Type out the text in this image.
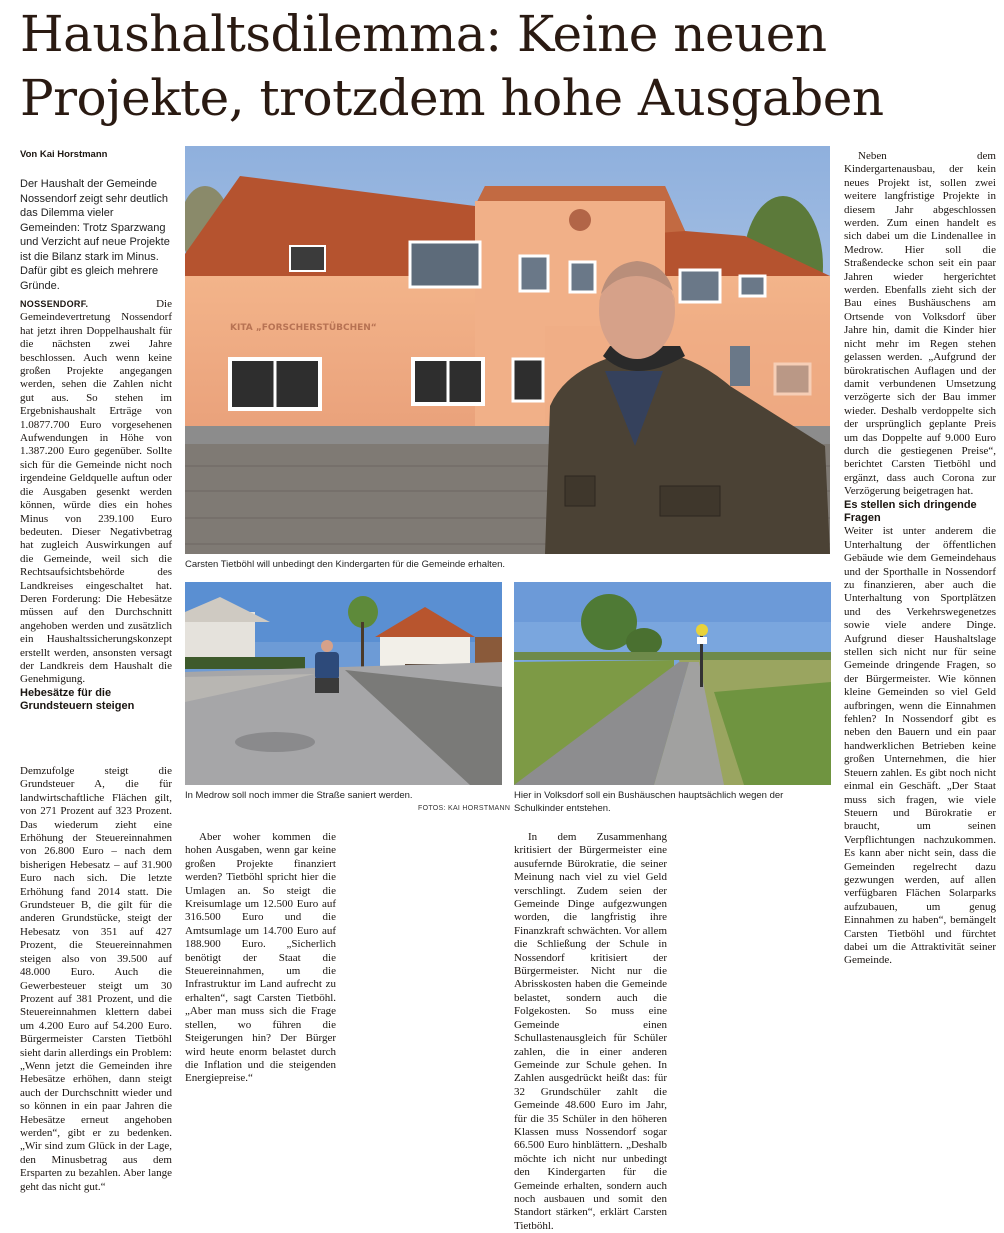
Haushaltsdilemma: Keine neuen Projekte, trotzdem hohe Ausgaben
Von Kai Horstmann

Der Haushalt der Gemeinde Nossendorf zeigt sehr deutlich das Dilemma vieler Gemeinden: Trotz Sparzwang und Verzicht auf neue Projekte ist die Bilanz stark im Minus. Dafür gibt es gleich mehrere Gründe.

NOSSENDORF.	Die Gemeindevertretung Nossendorf hat jetzt ihren Doppelhaushalt für die nächsten zwei Jahre beschlossen. Auch wenn keine großen Projekte angegangen werden, sehen die Zahlen nicht gut aus. So stehen im Ergebnishaushalt Erträge von 1.0877.700 Euro vorgesehenen Aufwendungen in Höhe von 1.387.200 Euro gegenüber. Sollte sich für die Gemeinde nicht noch irgendeine Geldquelle auftun oder die Ausgaben gesenkt werden können, würde dies ein hohes Minus von 239.100 Euro bedeuten. Dieser Negativbetrag hat zugleich Auswirkungen auf die Gemeinde, weil sich die Rechtsaufsichtsbehörde des Landkreises eingeschaltet hat. Deren Forderung: Die Hebesätze müssen auf den Durchschnitt angehoben werden und zusätzlich ein Haushaltssicherungskonzept erstellt werden, ansonsten versagt der Landkreis dem Haushalt die Genehmigung.

Hebesätze für die Grundsteuern steigen

Demzufolge steigt die Grundsteuer A, die für landwirtschaftliche Flächen gilt, von 271 Prozent auf 323 Prozent. Das wiederum zieht eine Erhöhung der Steuereinnahmen von 26.800 Euro – nach dem bisherigen Hebesatz – auf 31.900 Euro nach sich. Die letzte Erhöhung fand 2014 statt. Die Grundsteuer B, die gilt für die anderen Grundstücke, steigt der Hebesatz von 351 auf 427 Prozent, die Steuereinnahmen steigen also von 39.500 auf 48.000 Euro. Auch die Gewerbesteuer steigt um 30 Prozent auf 381 Prozent, und die Steuereinnahmen klettern dabei um 4.200 Euro auf 54.200 Euro. Bürgermeister Carsten Tietböhl sieht darin allerdings ein Problem: „Wenn jetzt die Gemeinden ihre Hebesätze erhöhen, dann steigt auch der Durchschnitt wieder und so können in ein paar Jahren die Hebesätze erneut angehoben werden“, gibt er zu bedenken. „Wir sind zum Glück in der Lage, den Minusbetrag aus dem Ersparten zu bezahlen. Aber lange geht das nicht gut.“

KITA „FORSCHERSTÜBCHEN“

Carsten Tietböhl will unbedingt den Kindergarten für die Gemeinde erhalten.

In Medrow soll noch immer die Straße saniert werden.

FOTOS: KAI HORSTMANN

Hier in Volksdorf soll ein Bushäuschen hauptsächlich wegen der Schulkinder entstehen.

Aber woher kommen die hohen Ausgaben, wenn gar keine großen Projekte finanziert werden? Tietböhl spricht hier die Umlagen an. So steigt die Kreisumlage um 12.500 Euro auf 316.500 Euro und die Amtsumlage um 14.700 Euro auf 188.900 Euro. „Sicherlich benötigt der Staat die Steuereinnahmen, um die Infrastruktur im Land aufrecht zu erhalten“, sagt Carsten Tietböhl. „Aber man muss sich die Frage stellen, wo führen die Steigerungen hin? Der Bürger wird heute enorm belastet durch die Inflation und die steigenden Energiepreise.“

In dem Zusammenhang kritisiert der Bürgermeister eine ausufernde Bürokratie, die seiner Meinung nach viel zu viel Geld verschlingt. Zudem seien der Gemeinde Dinge aufgezwungen worden, die langfristig ihre Finanzkraft schwächten. Vor allem die Schließung der Schule in Nossendorf kritisiert der Bürgermeister. Nicht nur die Abrisskosten haben die Gemeinde belastet, sondern auch die Folgekosten. So muss eine Gemeinde einen Schullastenausgleich für Schüler zahlen, die in einer anderen Gemeinde zur Schule gehen. In Zahlen ausgedrückt heißt das: für 32 Grundschüler zahlt die Gemeinde 48.600 Euro im Jahr, für die 35 Schüler in den höheren Klassen muss Nossendorf sogar 66.500 Euro hinblättern. „Deshalb möchte ich nicht nur unbedingt den Kindergarten für die Gemeinde erhalten, sondern auch noch ausbauen und somit den Standort stärken“, erklärt Carsten Tietböhl.

Neben dem Kindergartenausbau, der kein neues Projekt ist, sollen zwei weitere langfristige Projekte in diesem Jahr abgeschlossen werden. Zum einen handelt es sich dabei um die Lindenallee in Medrow. Hier soll die Straßendecke schon seit ein paar Jahren wieder hergerichtet werden. Ebenfalls zieht sich der Bau eines Bushäuschens am Ortsende von Volksdorf über Jahre hin, damit die Kinder hier nicht mehr im Regen stehen gelassen werden. „Aufgrund der bürokratischen Auflagen und der damit verbundenen Umsetzung verzögerte sich der Bau immer wieder. Deshalb verdoppelte sich der ursprünglich geplante Preis um das Doppelte auf 9.000 Euro durch die gestiegenen Preise“, berichtet Carsten Tietböhl und ergänzt, dass auch Corona zur Verzögerung beigetragen hat.

Es stellen sich dringende Fragen

Weiter ist unter anderem die Unterhaltung der öffentlichen Gebäude wie dem Gemeindehaus und der Sporthalle in Nossendorf zu finanzieren, aber auch die Unterhaltung von Sportplätzen und des Verkehrswegenetzes sowie viele andere Dinge. Aufgrund dieser Haushaltslage stellen sich nicht nur für seine Gemeinde dringende Fragen, so der Bürgermeister. Wie können kleine Gemeinden so viel Geld aufbringen, wenn die Einnahmen fehlen? In Nossendorf gibt es neben den Bauern und ein paar handwerklichen Betrieben keine großen Unternehmen, die hier Steuern zahlen. Es gibt noch nicht einmal ein Geschäft. „Der Staat muss sich fragen, wie viele Steuern und Bürokratie er braucht, um seinen Verpflichtungen nachzukommen. Es kann aber nicht sein, dass die Gemeinden regelrecht dazu gezwungen werden, auf allen verfügbaren Flächen Solarparks aufzubauen, um genug Einnahmen zu haben“, bemängelt Carsten Tietböhl und fürchtet dabei um die Attraktivität seiner Gemeinde.
